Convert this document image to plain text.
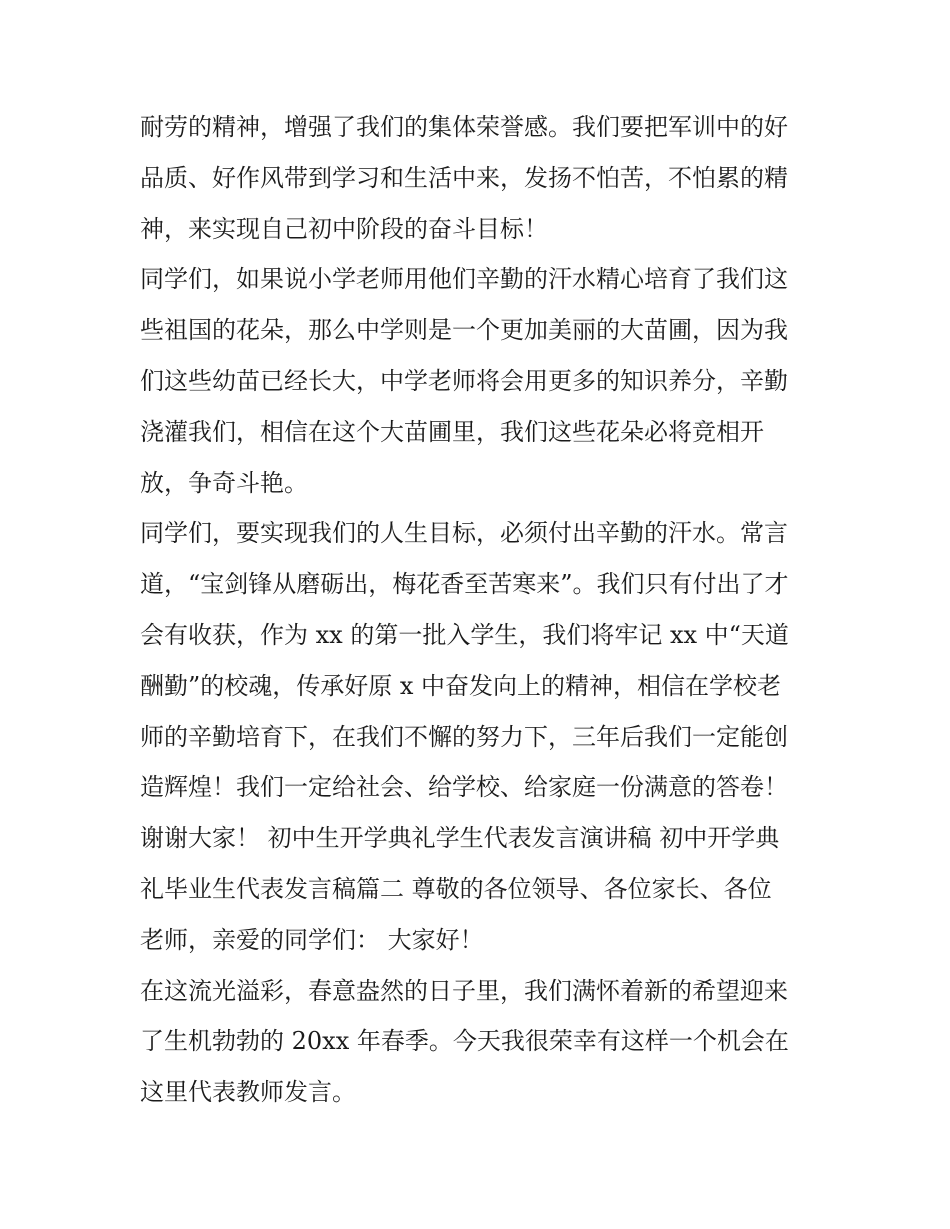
耐劳的精神，增强了我们的集体荣誉感。我们要把军训中的好
品质、好作风带到学习和生活中来，发扬不怕苦，不怕累的精
神，来实现自己初中阶段的奋斗目标！
同学们，如果说小学老师用他们辛勤的汗水精心培育了我们这
些祖国的花朵，那么中学则是一个更加美丽的大苗圃，因为我
们这些幼苗已经长大，中学老师将会用更多的知识养分，辛勤
浇灌我们，相信在这个大苗圃里，我们这些花朵必将竞相开
放，争奇斗艳。
同学们，要实现我们的人生目标，必须付出辛勤的汗水。常言
道，“宝剑锋从磨砺出，梅花香至苦寒来”。我们只有付出了才
会有收获，作为 xx 的第一批入学生，我们将牢记 xx 中“天道
酬勤”的校魂，传承好原 x 中奋发向上的精神，相信在学校老
师的辛勤培育下，在我们不懈的努力下，三年后我们一定能创
造辉煌！我们一定给社会、给学校、给家庭一份满意的答卷！
谢谢大家！ 初中生开学典礼学生代表发言演讲稿 初中开学典
礼毕业生代表发言稿篇二 尊敬的各位领导、各位家长、各位
老师，亲爱的同学们： 大家好！
在这流光溢彩，春意盎然的日子里，我们满怀着新的希望迎来
了生机勃勃的 20xx 年春季。今天我很荣幸有这样一个机会在
这里代表教师发言。
